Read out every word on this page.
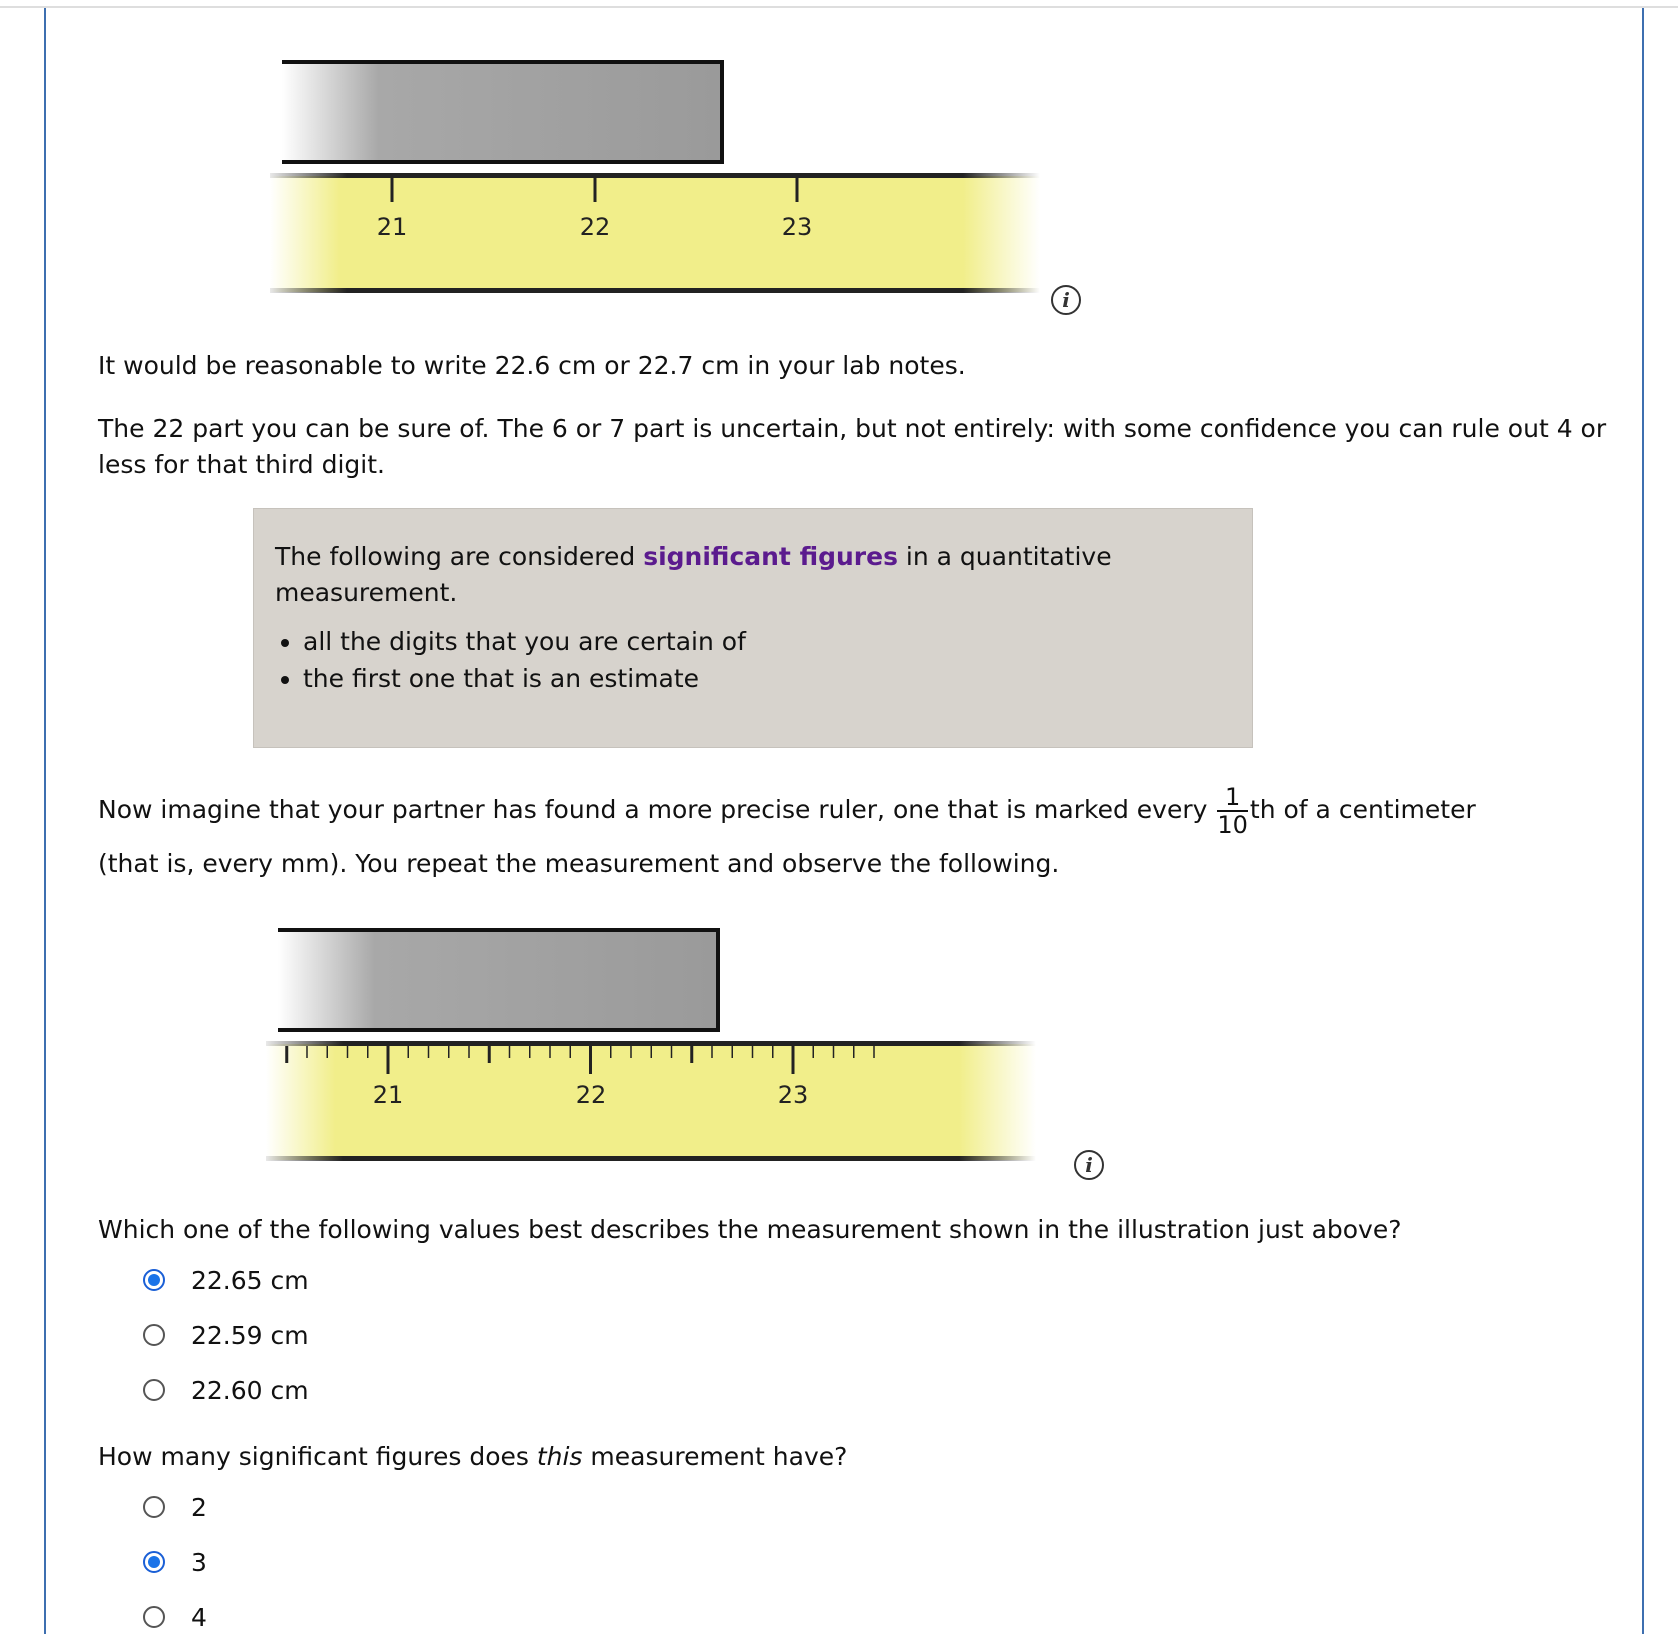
21	22	23
i
It would be reasonable to write 22.6 cm or 22.7 cm in your lab notes.
The 22 part you can be sure of. The 6 or 7 part is uncertain, but not entirely: with some confidence you can rule out 4 or less for that third digit.

The following are considered significant figures in a quantitative measurement.

• all the digits that you are certain of
• the first one that is an estimate
Now imagine that your partner has found a more precise ruler, one that is marked every $\frac{1}{10}$ th of a centimeter
(that is, every mm). You repeat the measurement and observe the following.
21	22	23
i
Which one of the following values best describes the measurement shown in the illustration just above?
22.65 cm
22.59 cm
22.60 cm
How many significant figures does this measurement have?
2
3
4
